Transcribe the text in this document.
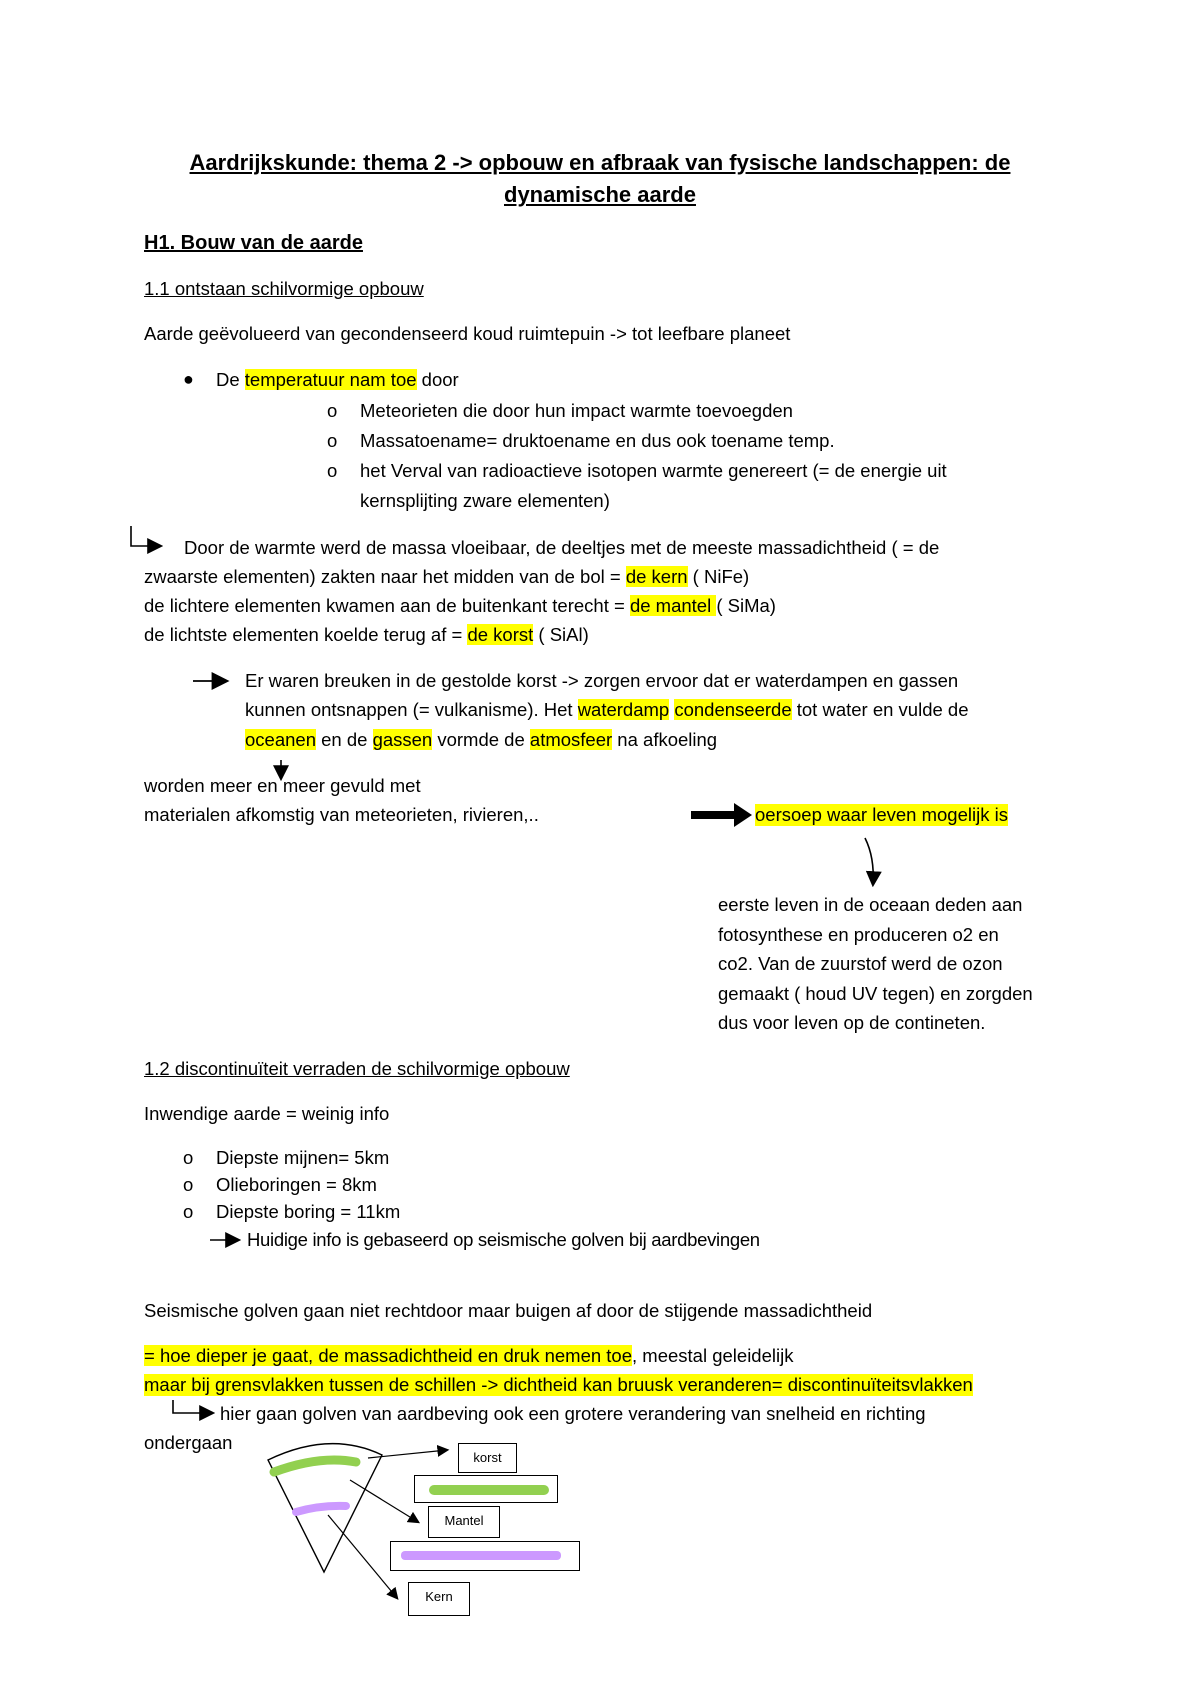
Aardrijkskunde: thema 2 -> opbouw en afbraak van fysische landschappen: de
dynamische aarde
H1. Bouw van de aarde
1.1 ontstaan schilvormige opbouw
Aarde geëvolueerd van gecondenseerd koud ruimtepuin -> tot leefbare planeet
● De temperatuur nam toe door
o Meteorieten die door hun impact warmte toevoegden
o Massatoename= druktoename en dus ook toename temp.
o het Verval van radioactieve isotopen warmte genereert (= de energie uit
kernsplijting zware elementen)
Door de warmte werd de massa vloeibaar, de deeltjes met de meeste massadichtheid ( = de
zwaarste elementen) zakten naar het midden van de bol = de kern ( NiFe)
de lichtere elementen kwamen aan de buitenkant terecht = de mantel ( SiMa)
de lichtste elementen koelde terug af = de korst ( SiAl)
Er waren breuken in de gestolde korst -> zorgen ervoor dat er waterdampen en gassen
kunnen ontsnappen (= vulkanisme). Het waterdamp condenseerde tot water en vulde de
oceanen en de gassen vormde de atmosfeer na afkoeling
worden meer en meer gevuld met
materialen afkomstig van meteorieten, rivieren,..	oersoep waar leven mogelijk is
eerste leven in de oceaan deden aan
fotosynthese en produceren o2 en
co2. Van de zuurstof werd de ozon
gemaakt ( houd UV tegen) en zorgden
dus voor leven op de contineten.
1.2 discontinuïteit verraden de schilvormige opbouw
Inwendige aarde = weinig info
o Diepste mijnen= 5km
o Olieboringen = 8km
o Diepste boring = 11km
Huidige info is gebaseerd op seismische golven bij aardbevingen
Seismische golven gaan niet rechtdoor maar buigen af door de stijgende massadichtheid
= hoe dieper je gaat, de massadichtheid en druk nemen toe, meestal geleidelijk
maar bij grensvlakken tussen de schillen -> dichtheid kan bruusk veranderen= discontinuïteitsvlakken
hier gaan golven van aardbeving ook een grotere verandering van snelheid en richting
ondergaan
korst
Mantel
Kern
